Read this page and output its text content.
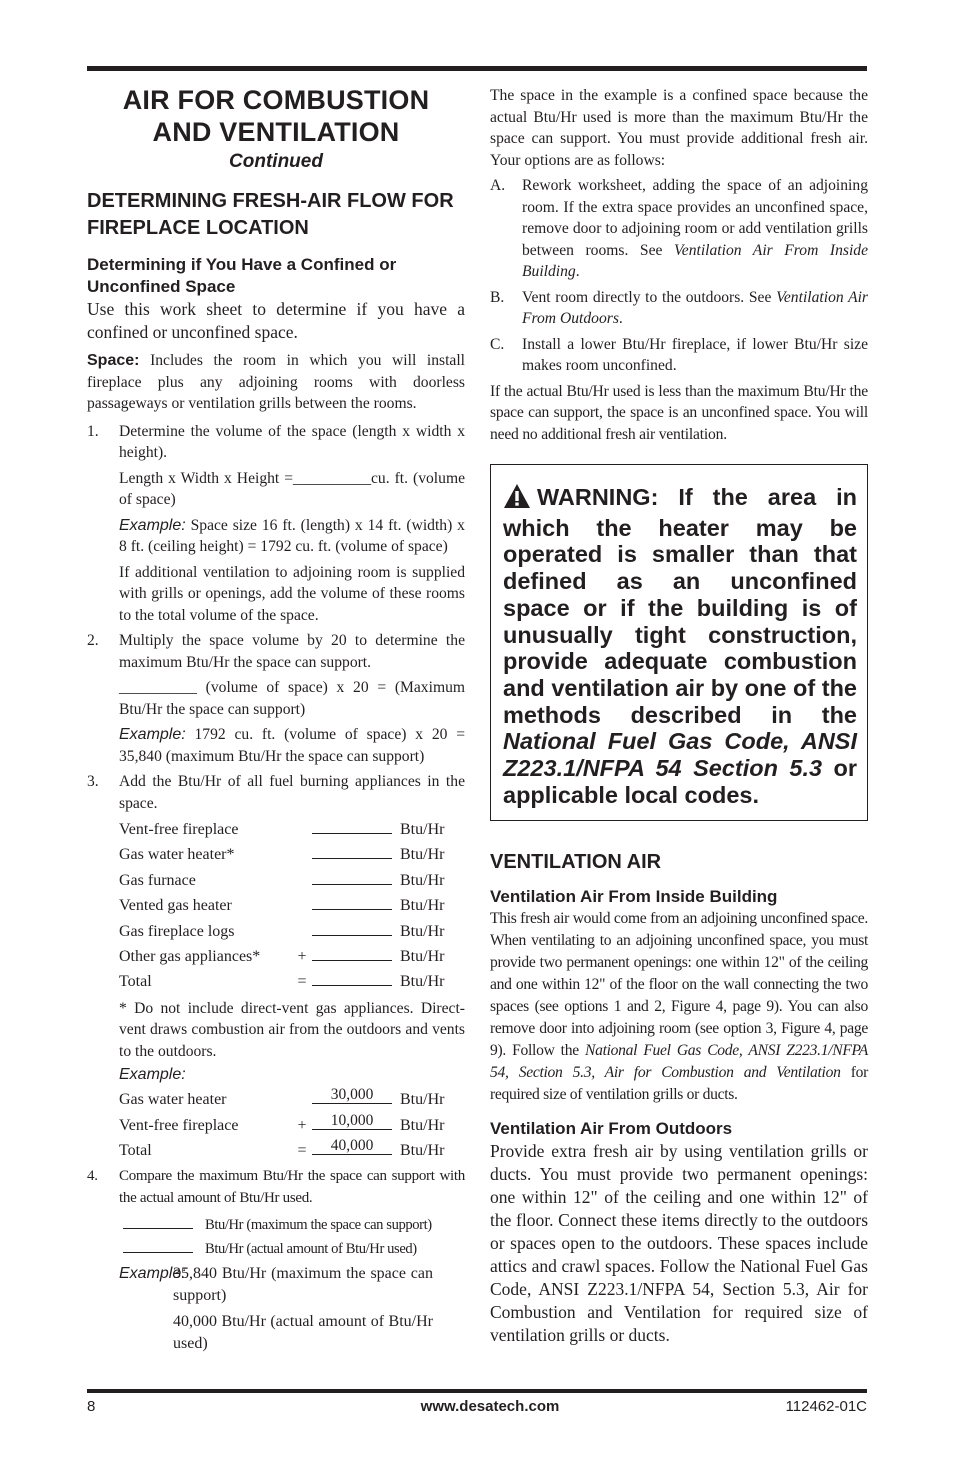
AIR FOR COMBUSTION
AND VENTILATION
Continued
DETERMINING FRESH-AIR FLOW FOR FIREPLACE LOCATION
Determining if You Have a Confined or Unconfined Space

Use this work sheet to determine if you have a confined or unconfined space.

Space: Includes the room in which you will install fireplace plus any adjoining rooms with doorless passageways or ventilation grills between the rooms.

1. Determine the volume of the space (length x width x height).

Length x Width x Height =__________cu. ft. (volume of space)

Example: Space size 16 ft. (length) x 14 ft. (width) x 8 ft. (ceiling height) = 1792 cu. ft. (volume of space)

If additional ventilation to adjoining room is supplied with grills or openings, add the volume of these rooms to the total volume of the space.

2. Multiply the space volume by 20 to determine the maximum Btu/Hr the space can support.

__________ (volume of space) x 20 = (Maximum Btu/Hr the space can support)

Example: 1792 cu. ft. (volume of space) x 20 = 35,840 (maximum Btu/Hr the space can support)

3. Add the Btu/Hr of all fuel burning appliances in the space.
Vent-free fireplace	Btu/Hr
Gas water heater*	Btu/Hr
Gas furnace	Btu/Hr
Vented gas heater	Btu/Hr
Gas fireplace logs	Btu/Hr
Other gas appliances*	+	Btu/Hr
Total	=	Btu/Hr

* Do not include direct-vent gas appliances. Direct-vent draws combustion air from the outdoors and vents to the outdoors.

Example:
Gas water heater	30,000	Btu/Hr
Vent-free fireplace	+	10,000	Btu/Hr
Total	=	40,000	Btu/Hr
4. Compare the maximum Btu/Hr the space can support with the actual amount of Btu/Hr used.
Btu/Hr (maximum the space can support)
Btu/Hr (actual amount of Btu/Hr used)
Example:
35,840 Btu/Hr (maximum the space can support)
40,000 Btu/Hr (actual amount of Btu/Hr used)

The space in the example is a confined space because the actual Btu/Hr used is more than the maximum Btu/Hr the space can support. You must provide additional fresh air. Your options are as follows:

A. Rework worksheet, adding the space of an adjoining room. If the extra space provides an unconfined space, remove door to adjoining room or add ventilation grills between rooms. See Ventilation Air From Inside Building.
B. Vent room directly to the outdoors. See Ventilation Air From Outdoors.
C. Install a lower Btu/Hr fireplace, if lower Btu/Hr size makes room unconfined.

If the actual Btu/Hr used is less than the maximum Btu/Hr the space can support, the space is an unconfined space. You will need no additional fresh air ventilation.

WARNING: If the area in which the heater may be operated is smaller than that defined as an unconfined space or if the building is of unusually tight construction, provide adequate combustion and ventilation air by one of the methods described in the National Fuel Gas Code, ANSI Z223.1/NFPA 54 Section 5.3 or applicable local codes.
VENTILATION AIR
Ventilation Air From Inside Building

This fresh air would come from an adjoining unconfined space. When ventilating to an adjoining unconfined space, you must provide two permanent openings: one within 12" of the ceiling and one within 12" of the floor on the wall connecting the two spaces (see options 1 and 2, Figure 4, page 9). You can also remove door into adjoining room (see option 3, Figure 4, page 9). Follow the National Fuel Gas Code, ANSI Z223.1/NFPA 54, Section 5.3, Air for Combustion and Ventilation for required size of ventilation grills or ducts.

Ventilation Air From Outdoors

Provide extra fresh air by using ventilation grills or ducts. You must provide two permanent openings: one within 12" of the ceiling and one within 12" of the floor. Connect these items directly to the outdoors or spaces open to the outdoors. These spaces include attics and crawl spaces. Follow the National Fuel Gas Code, ANSI Z223.1/NFPA 54, Section 5.3, Air for Combustion and Ventilation for required size of ventilation grills or ducts.

8	www.desatech.com	112462-01C
